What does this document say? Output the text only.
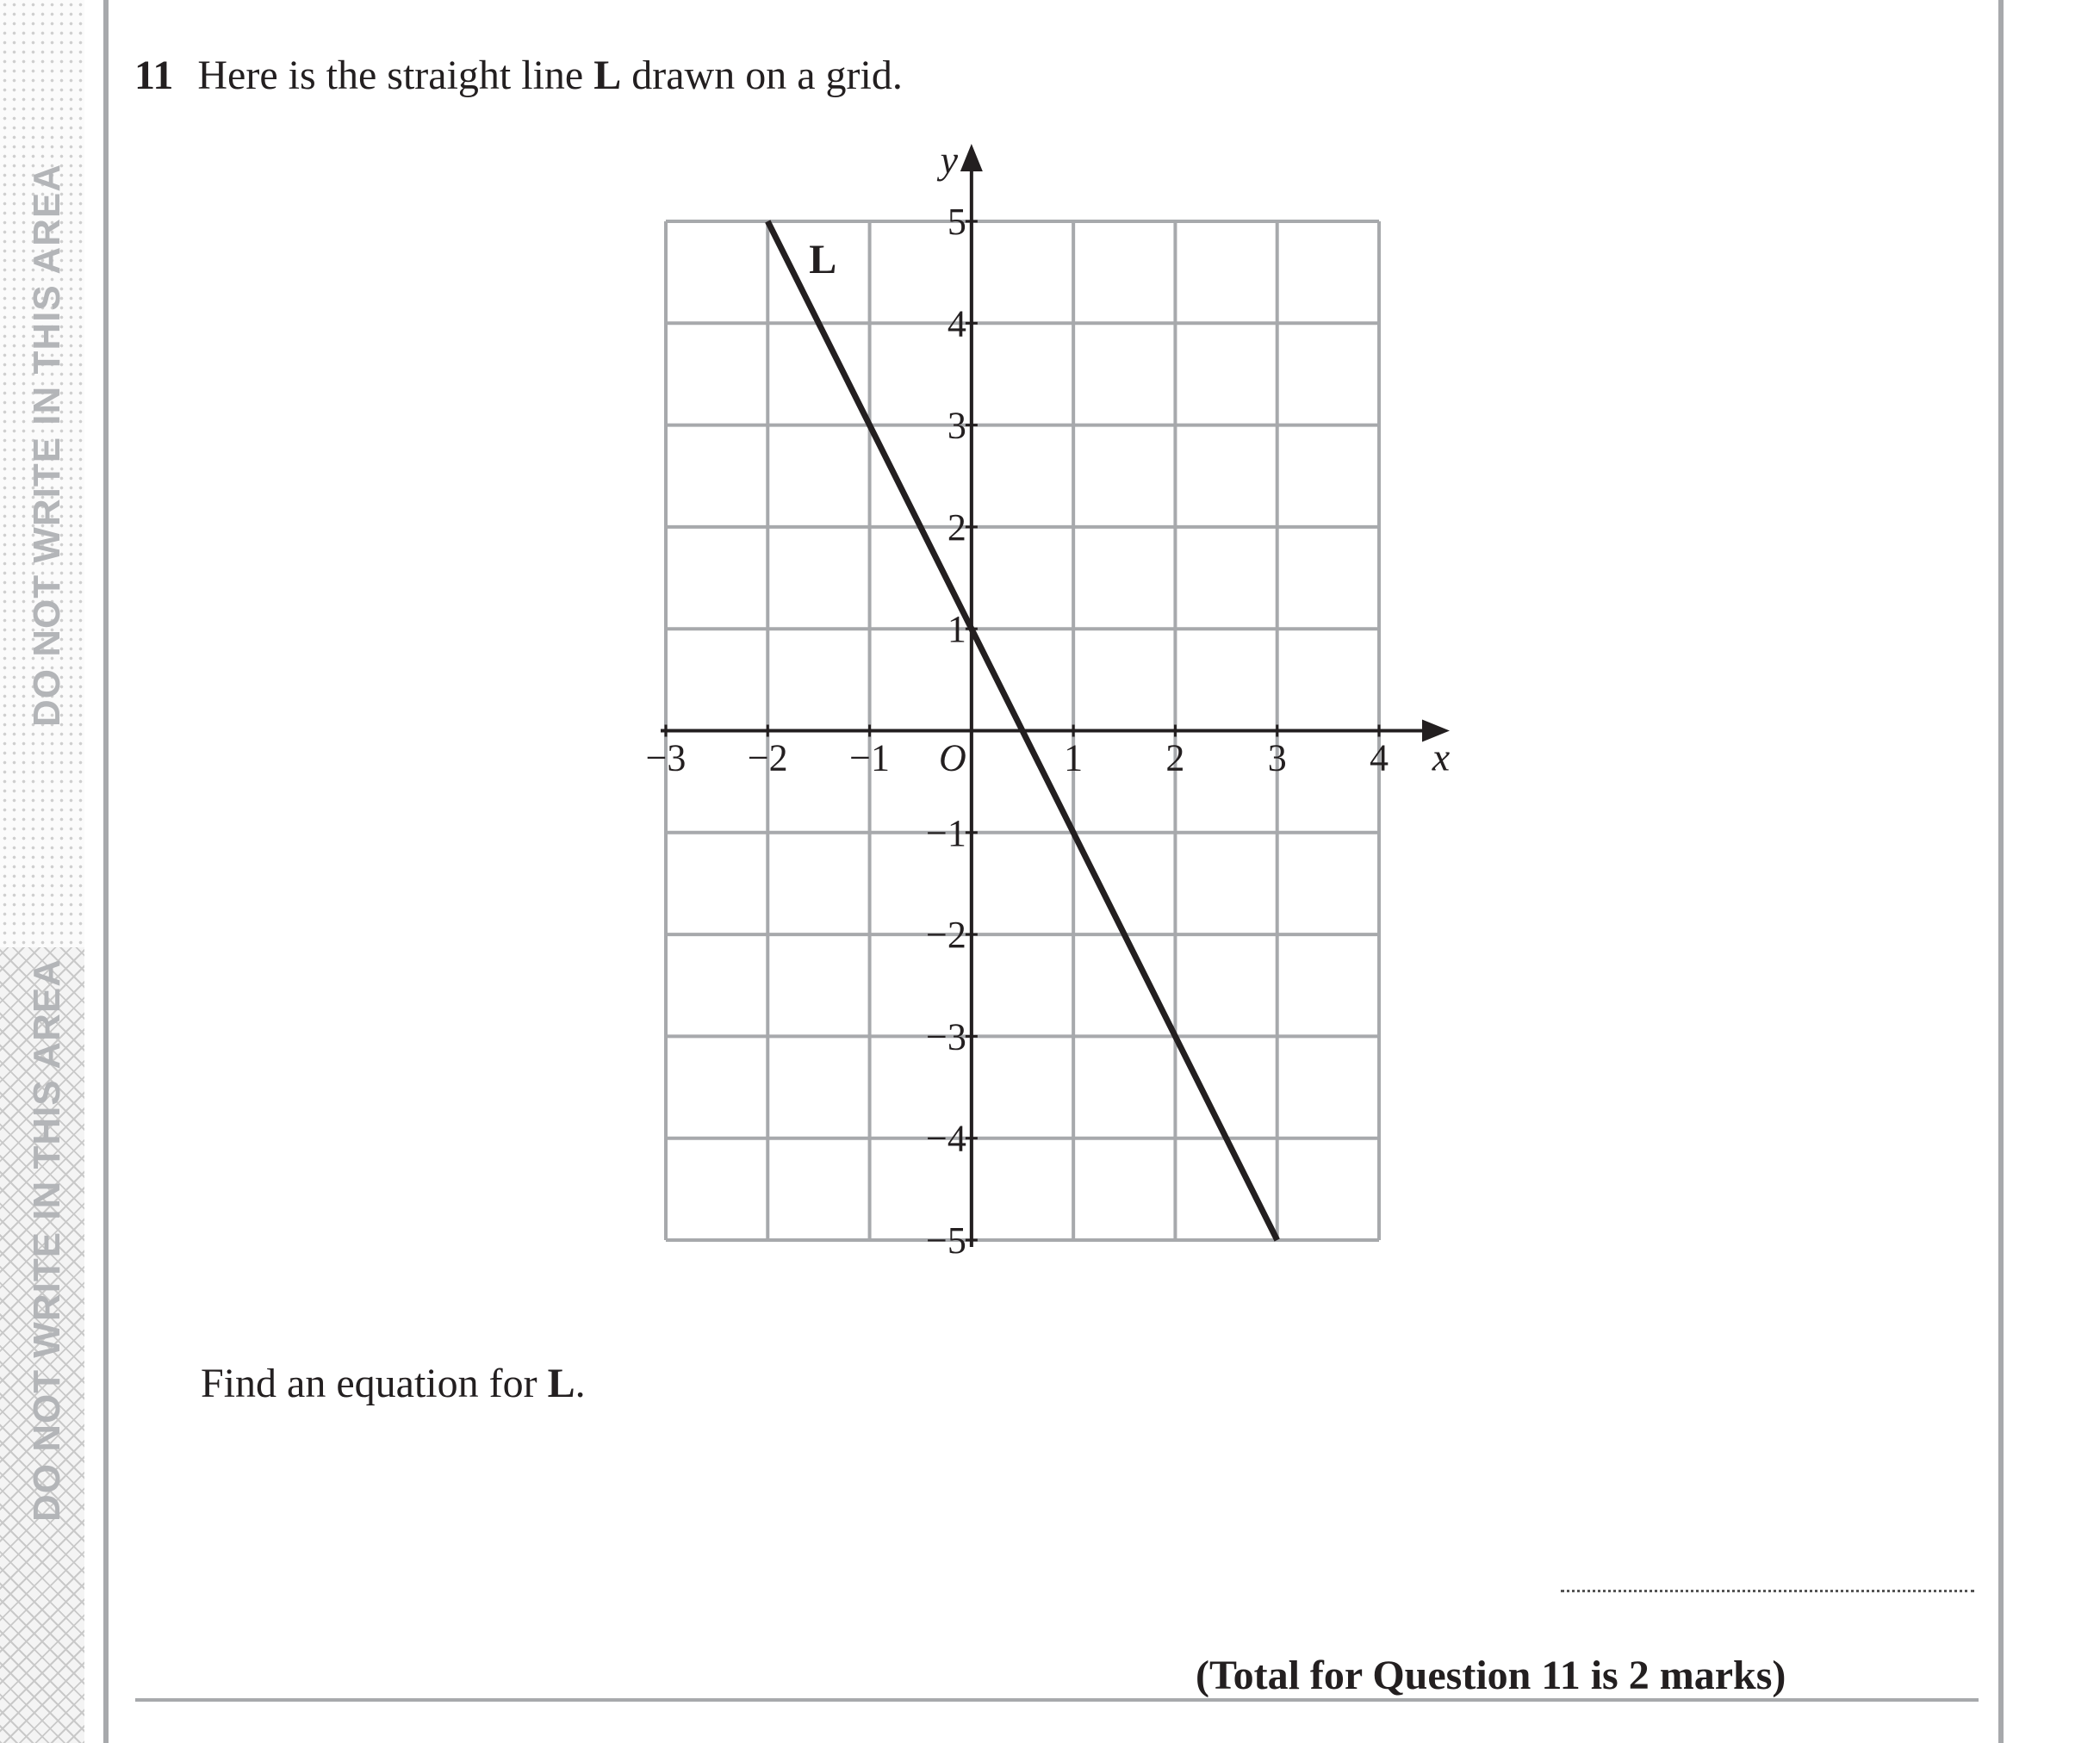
DO NOT WRITE IN THIS AREA
DO NOT WRITE IN THIS AREA
11 Here is the straight line L drawn on a grid.
−3 −2 −1	1 2 3 4
−5
−4
−3
−2
−1
1
2
3
4
5
O	x
y
L
Find an equation for L.
(Total for Question 11 is 2 marks)
